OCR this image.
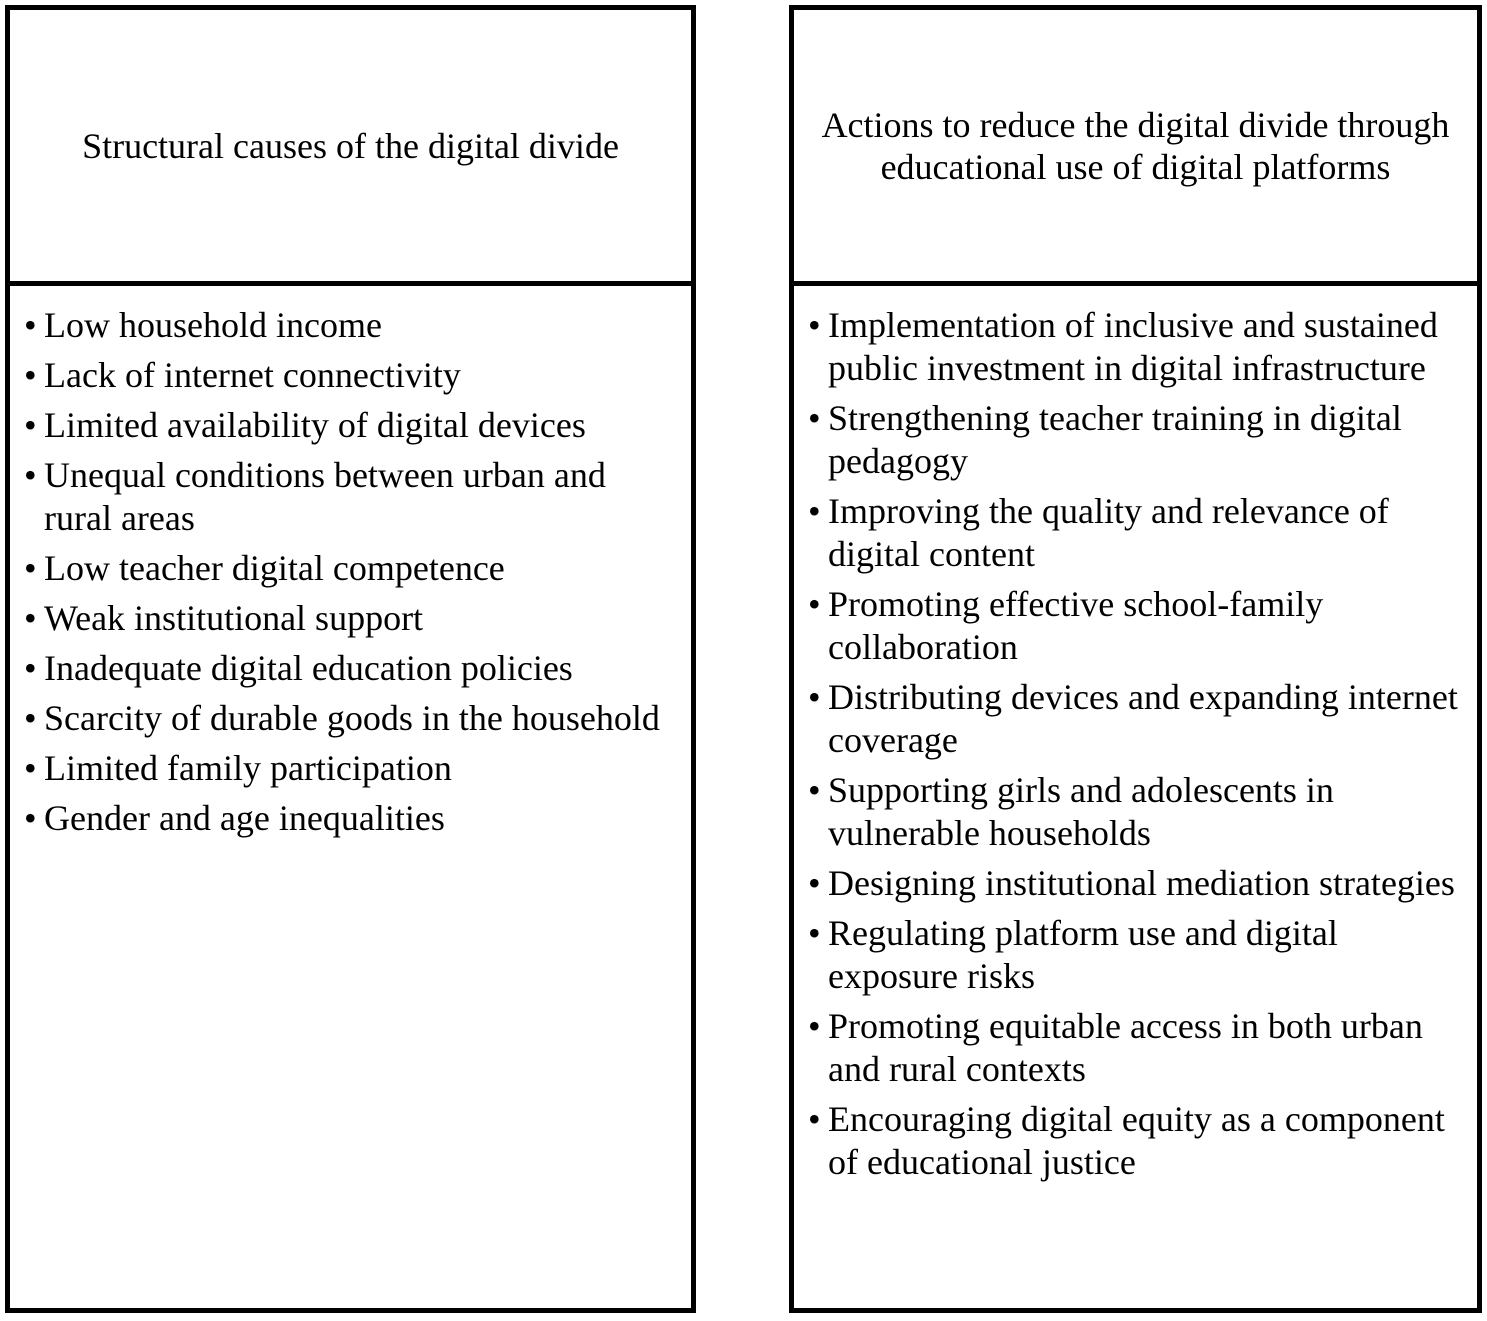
Structural causes of the digital divide
• Low household income
• Lack of internet connectivity
• Limited availability of digital devices
• Unequal conditions between urban and rural areas
• Low teacher digital competence
• Weak institutional support
• Inadequate digital education policies
• Scarcity of durable goods in the household
• Limited family participation
• Gender and age inequalities
Actions to reduce the digital divide through educational use of digital platforms
• Implementation of inclusive and sustained public investment in digital infrastructure
• Strengthening teacher training in digital pedagogy
• Improving the quality and relevance of digital content
• Promoting effective school-family collaboration
• Distributing devices and expanding internet coverage
• Supporting girls and adolescents in vulnerable households
• Designing institutional mediation strategies
• Regulating platform use and digital exposure risks
• Promoting equitable access in both urban and rural contexts
• Encouraging digital equity as a component of educational justice
